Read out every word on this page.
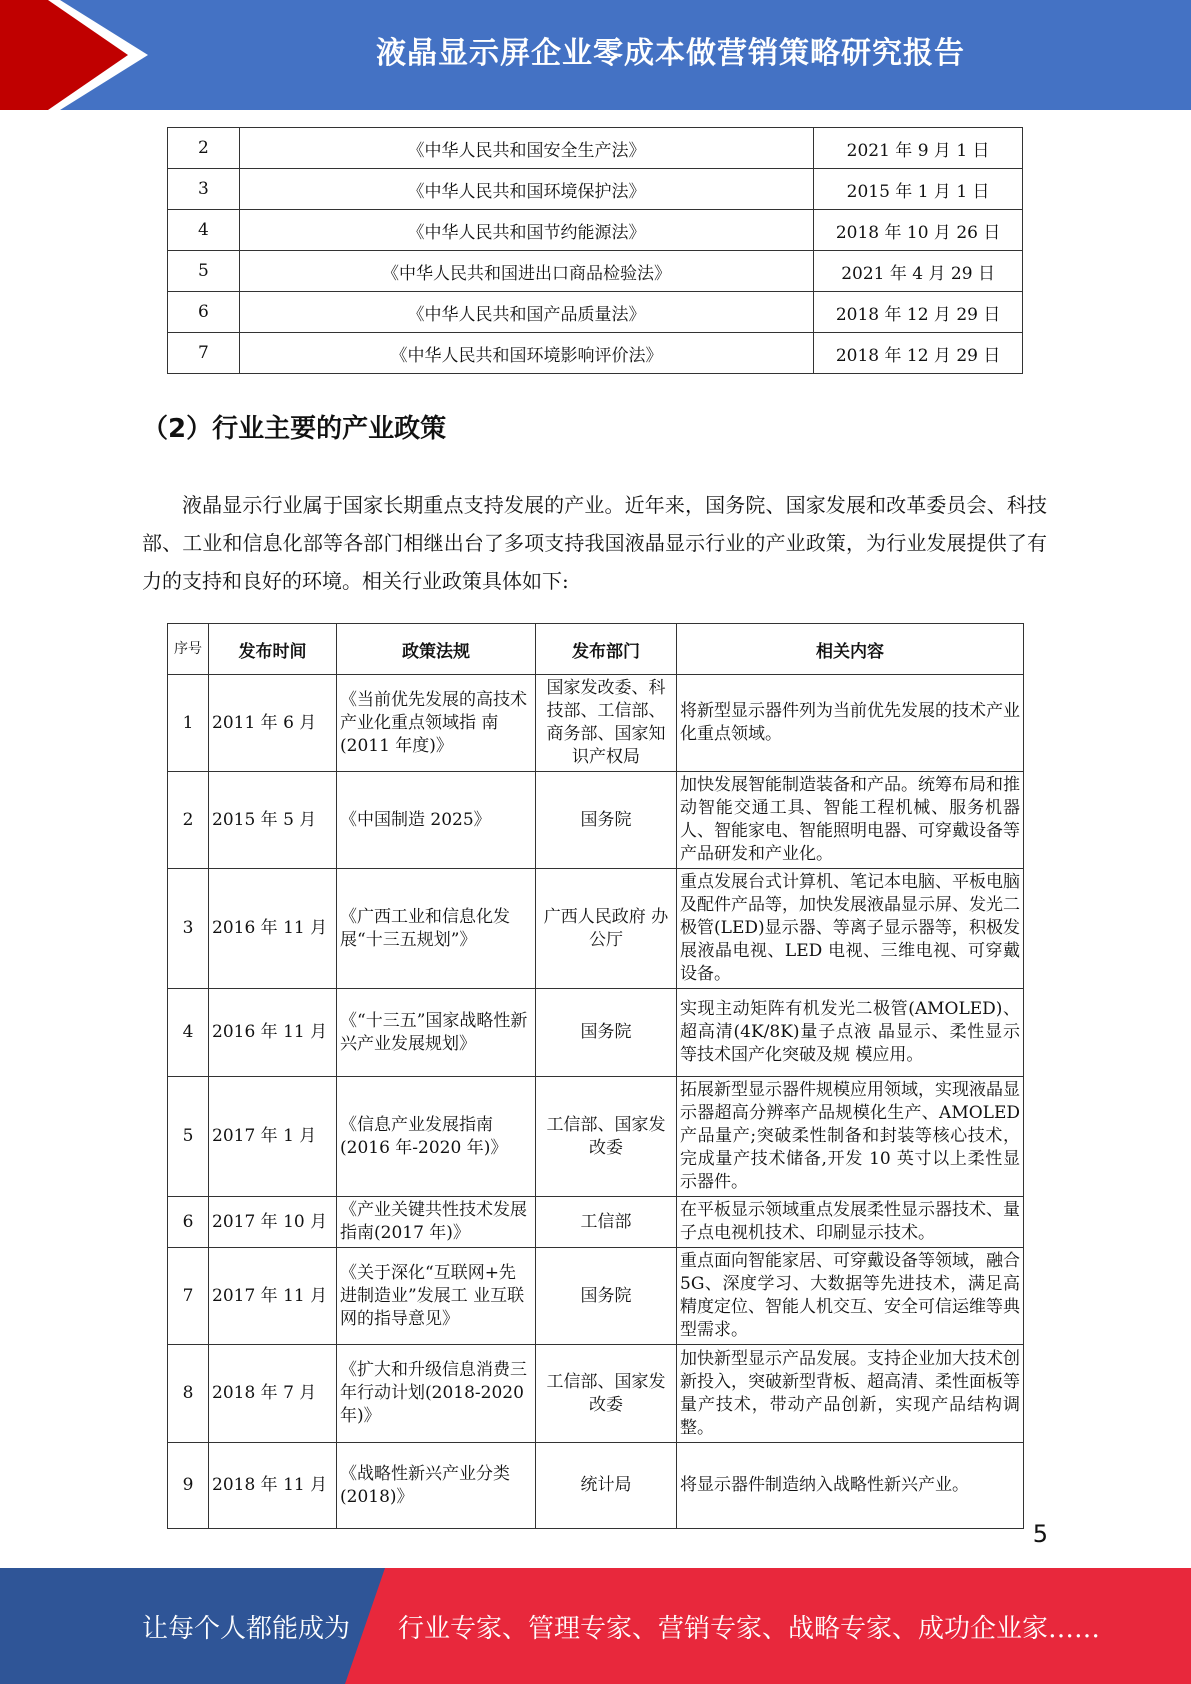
液晶显示屏企业零成本做营销策略研究报告
2	《中华人民共和国安全生产法》	2021 年 9 月 1 日
3	《中华人民共和国环境保护法》	2015 年 1 月 1 日
4	《中华人民共和国节约能源法》	2018 年 10 月 26 日
5	《中华人民共和国进出口商品检验法》	2021 年 4 月 29 日
6	《中华人民共和国产品质量法》	2018 年 12 月 29 日
7	《中华人民共和国环境影响评价法》	2018 年 12 月 29 日
（2）行业主要的产业政策
液晶显示行业属于国家长期重点支持发展的产业。近年来，国务院、国家发展和改革委员会、科技部、工业和信息化部等各部门相继出台了多项支持我国液晶显示行业的产业政策，为行业发展提供了有力的支持和良好的环境。相关行业政策具体如下:
序号	发布时间	政策法规	发布部门	相关内容
1	2011 年 6 月	《当前优先发展的高技术产业化重点领域指 南(2011 年度)》	国家发改委、科技部、工信部、商务部、国家知识产权局	将新型显示器件列为当前优先发展的技术产业化重点领域。
2	2015 年 5 月	《中国制造 2025》	国务院	加快发展智能制造装备和产品。统筹布局和推动智能交通工具、智能工程机械、服务机器人、智能家电、智能照明电器、可穿戴设备等产品研发和产业化。
3	2016 年 11 月	《广西工业和信息化发展“十三五规划”》	广西人民政府 办公厅	重点发展台式计算机、笔记本电脑、平板电脑及配件产品等，加快发展液晶显示屏、发光二极管(LED)显示器、等离子显示器等，积极发展液晶电视、LED 电视、三维电视、可穿戴设备。
4	2016 年 11 月	《“十三五”国家战略性新兴产业发展规划》	国务院	实现主动矩阵有机发光二极管(AMOLED)、超高清(4K/8K)量子点液 晶显示、柔性显示等技术国产化突破及规 模应用。
5	2017 年 1 月	《信息产业发展指南(2016 年-2020 年)》	工信部、国家发改委	拓展新型显示器件规模应用领域，实现液晶显示器超高分辨率产品规模化生产、AMOLED 产品量产;突破柔性制备和封装等核心技术，完成量产技术储备,开发 10 英寸以上柔性显示器件。
6	2017 年 10 月	《产业关键共性技术发展指南(2017 年)》	工信部	在平板显示领域重点发展柔性显示器技术、量子点电视机技术、印刷显示技术。
7	2017 年 11 月	《关于深化“互联网+先进制造业”发展工 业互联网的指导意见》	国务院	重点面向智能家居、可穿戴设备等领域，融合 5G、深度学习、大数据等先进技术，满足高精度定位、智能人机交互、安全可信运维等典型需求。
8	2018 年 7 月	《扩大和升级信息消费三年行动计划(2018-2020 年)》	工信部、国家发改委	加快新型显示产品发展。支持企业加大技术创新投入，突破新型背板、超高清、柔性面板等量产技术，带动产品创新，实现产品结构调整。
9	2018 年 11 月	《战略性新兴产业分类(2018)》	统计局	将显示器件制造纳入战略性新兴产业。
5
让每个人都能成为 行业专家、管理专家、营销专家、战略专家、成功企业家……
